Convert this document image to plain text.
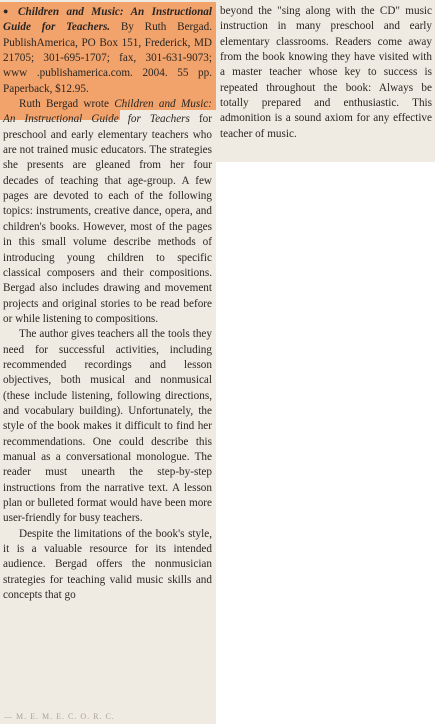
● Children and Music: An Instructional Guide for Teachers. By Ruth Bergad. PublishAmerica, PO Box 151, Frederick, MD 21705; 301-695-1707; fax, 301-631-9073; www .publishamerica.com. 2004. 55 pp. Paperback, $12.95.

Ruth Bergad wrote Children and Music: An Instructional Guide for Teachers for preschool and early elementary teachers who are not trained music educators. The strategies she presents are gleaned from her four decades of teaching that age-group. A few pages are devoted to each of the following topics: instruments, creative dance, opera, and children's books. However, most of the pages in this small volume describe methods of introducing young children to specific classical composers and their compositions. Bergad also includes drawing and movement projects and original stories to be read before or while listening to compositions.

The author gives teachers all the tools they need for successful activities, including recommended recordings and lesson objectives, both musical and nonmusical (these include listening, following directions, and vocabulary building). Unfortunately, the style of the book makes it difficult to find her recommendations. One could describe this manual as a conversational monologue. The reader must unearth the step-by-step instructions from the narrative text. A lesson plan or bulleted format would have been more user-friendly for busy teachers.

Despite the limitations of the book's style, it is a valuable resource for its intended audience. Bergad offers the nonmusician strategies for teaching valid music skills and concepts that go

— M. E. M. E. C. O. R. C.

beyond the "sing along with the CD" music instruction in many preschool and early elementary classrooms. Readers come away from the book knowing they have visited with a master teacher whose key to success is repeated throughout the book: Always be totally prepared and enthusiastic. This admonition is a sound axiom for any effective teacher of music.
